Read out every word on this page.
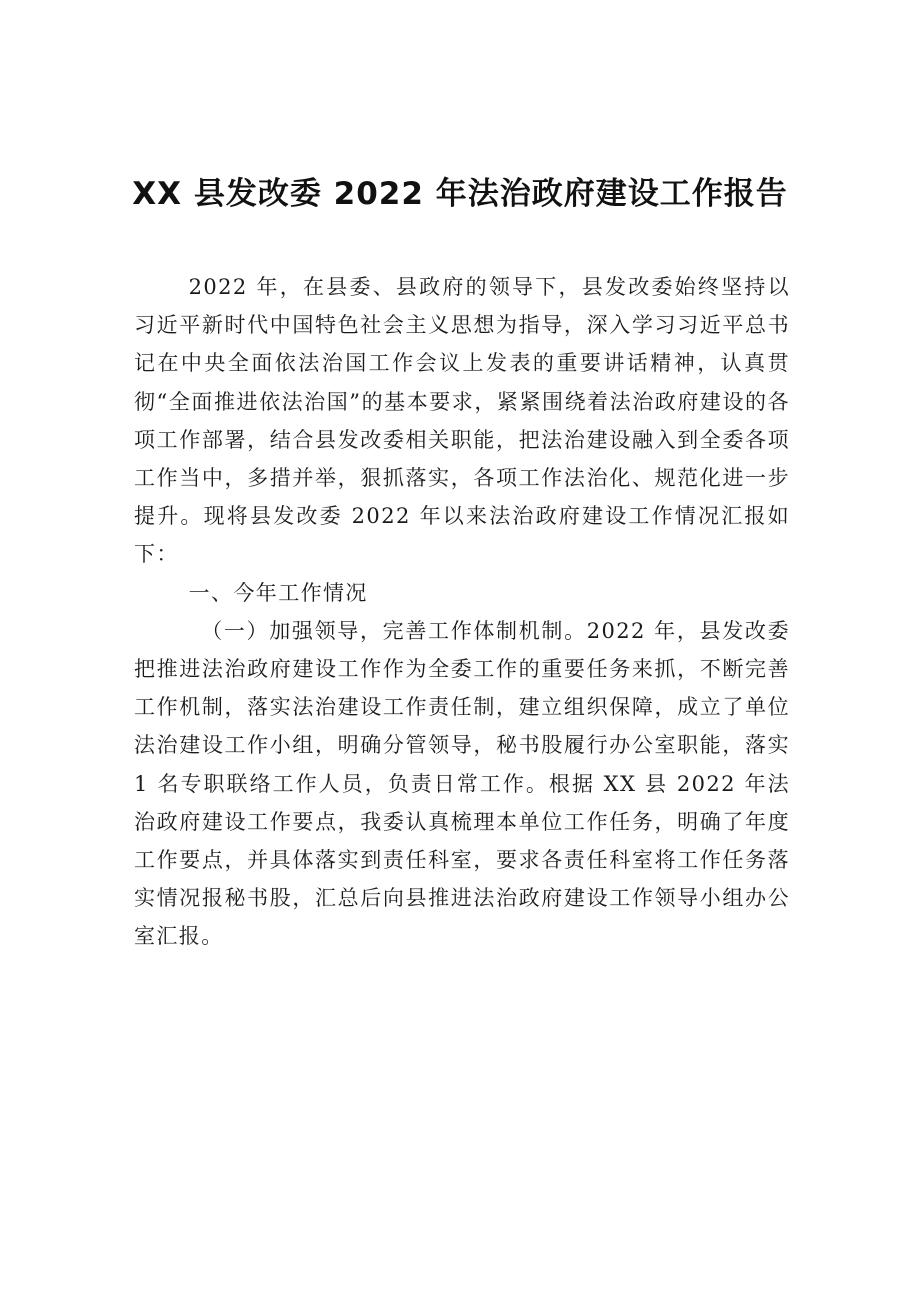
XX 县发改委 2022 年法治政府建设工作报告

2022 年，在县委、县政府的领导下，县发改委始终坚持以习近平新时代中国特色社会主义思想为指导，深入学习习近平总书记在中央全面依法治国工作会议上发表的重要讲话精神，认真贯彻“全面推进依法治国”的基本要求，紧紧围绕着法治政府建设的各项工作部署，结合县发改委相关职能，把法治建设融入到全委各项工作当中，多措并举，狠抓落实，各项工作法治化、规范化进一步提升。现将县发改委 2022 年以来法治政府建设工作情况汇报如下：

一、今年工作情况

（一）加强领导，完善工作体制机制。2022 年，县发改委把推进法治政府建设工作作为全委工作的重要任务来抓，不断完善工作机制，落实法治建设工作责任制，建立组织保障，成立了单位法治建设工作小组，明确分管领导，秘书股履行办公室职能，落实 1 名专职联络工作人员，负责日常工作。根据 XX 县 2022 年法治政府建设工作要点，我委认真梳理本单位工作任务，明确了年度工作要点，并具体落实到责任科室，要求各责任科室将工作任务落实情况报秘书股，汇总后向县推进法治政府建设工作领导小组办公室汇报。
